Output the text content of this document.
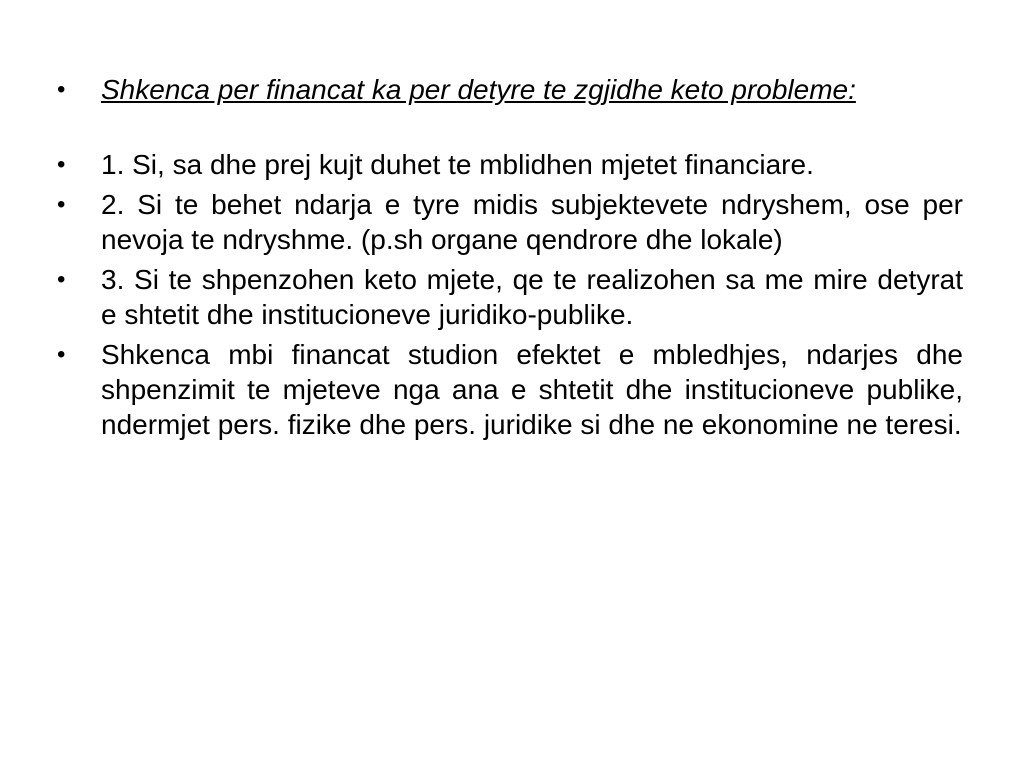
•	Shkenca per financat ka per detyre te zgjidhe keto probleme:
•	1. Si, sa dhe prej kujt duhet te mblidhen mjetet financiare.
•	2. Si te behet ndarja e tyre midis subjektevete ndryshem, ose per nevoja te ndryshme. (p.sh organe qendrore dhe lokale)
•	3. Si te shpenzohen keto mjete, qe te realizohen sa me mire detyrat e shtetit dhe institucioneve juridiko-publike.
•	Shkenca mbi financat studion efektet e mbledhjes, ndarjes dhe shpenzimit te mjeteve nga ana e shtetit dhe institucioneve publike, ndermjet pers. fizike dhe pers. juridike si dhe ne ekonomine ne teresi.
